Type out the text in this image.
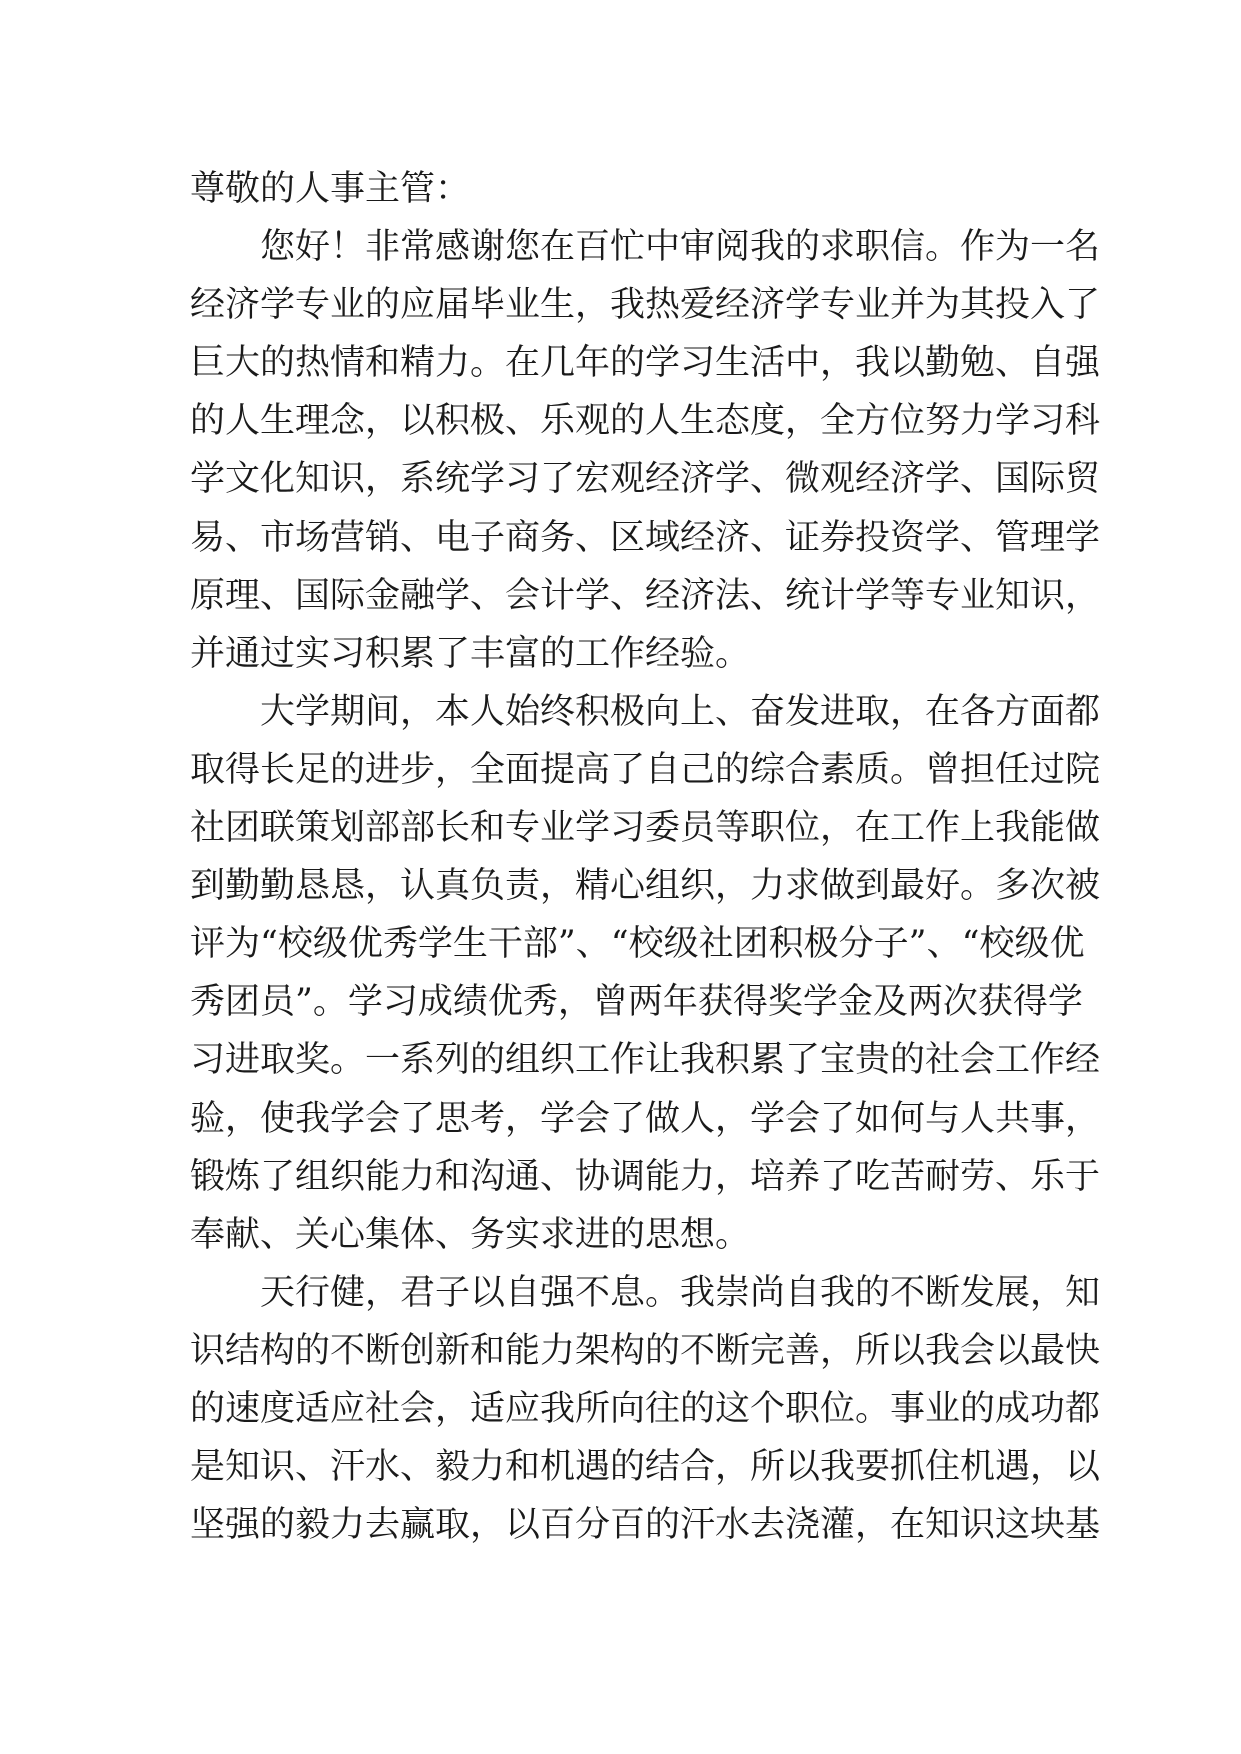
尊敬的人事主管：
您好！非常感谢您在百忙中审阅我的求职信。作为一名
经济学专业的应届毕业生，我热爱经济学专业并为其投入了
巨大的热情和精力。在几年的学习生活中，我以勤勉、自强
的人生理念，以积极、乐观的人生态度，全方位努力学习科
学文化知识，系统学习了宏观经济学、微观经济学、国际贸
易、市场营销、电子商务、区域经济、证券投资学、管理学
原理、国际金融学、会计学、经济法、统计学等专业知识，
并通过实习积累了丰富的工作经验。
大学期间，本人始终积极向上、奋发进取，在各方面都
取得长足的进步，全面提高了自己的综合素质。曾担任过院
社团联策划部部长和专业学习委员等职位，在工作上我能做
到勤勤恳恳，认真负责，精心组织，力求做到最好。多次被
评为“校级优秀学生干部”、“校级社团积极分子”、“校级优
秀团员”。学习成绩优秀，曾两年获得奖学金及两次获得学
习进取奖。一系列的组织工作让我积累了宝贵的社会工作经
验，使我学会了思考，学会了做人，学会了如何与人共事，
锻炼了组织能力和沟通、协调能力，培养了吃苦耐劳、乐于
奉献、关心集体、务实求进的思想。
天行健，君子以自强不息。我崇尚自我的不断发展，知
识结构的不断创新和能力架构的不断完善，所以我会以最快
的速度适应社会，适应我所向往的这个职位。事业的成功都
是知识、汗水、毅力和机遇的结合，所以我要抓住机遇，以
坚强的毅力去赢取，以百分百的汗水去浇灌，在知识这块基
